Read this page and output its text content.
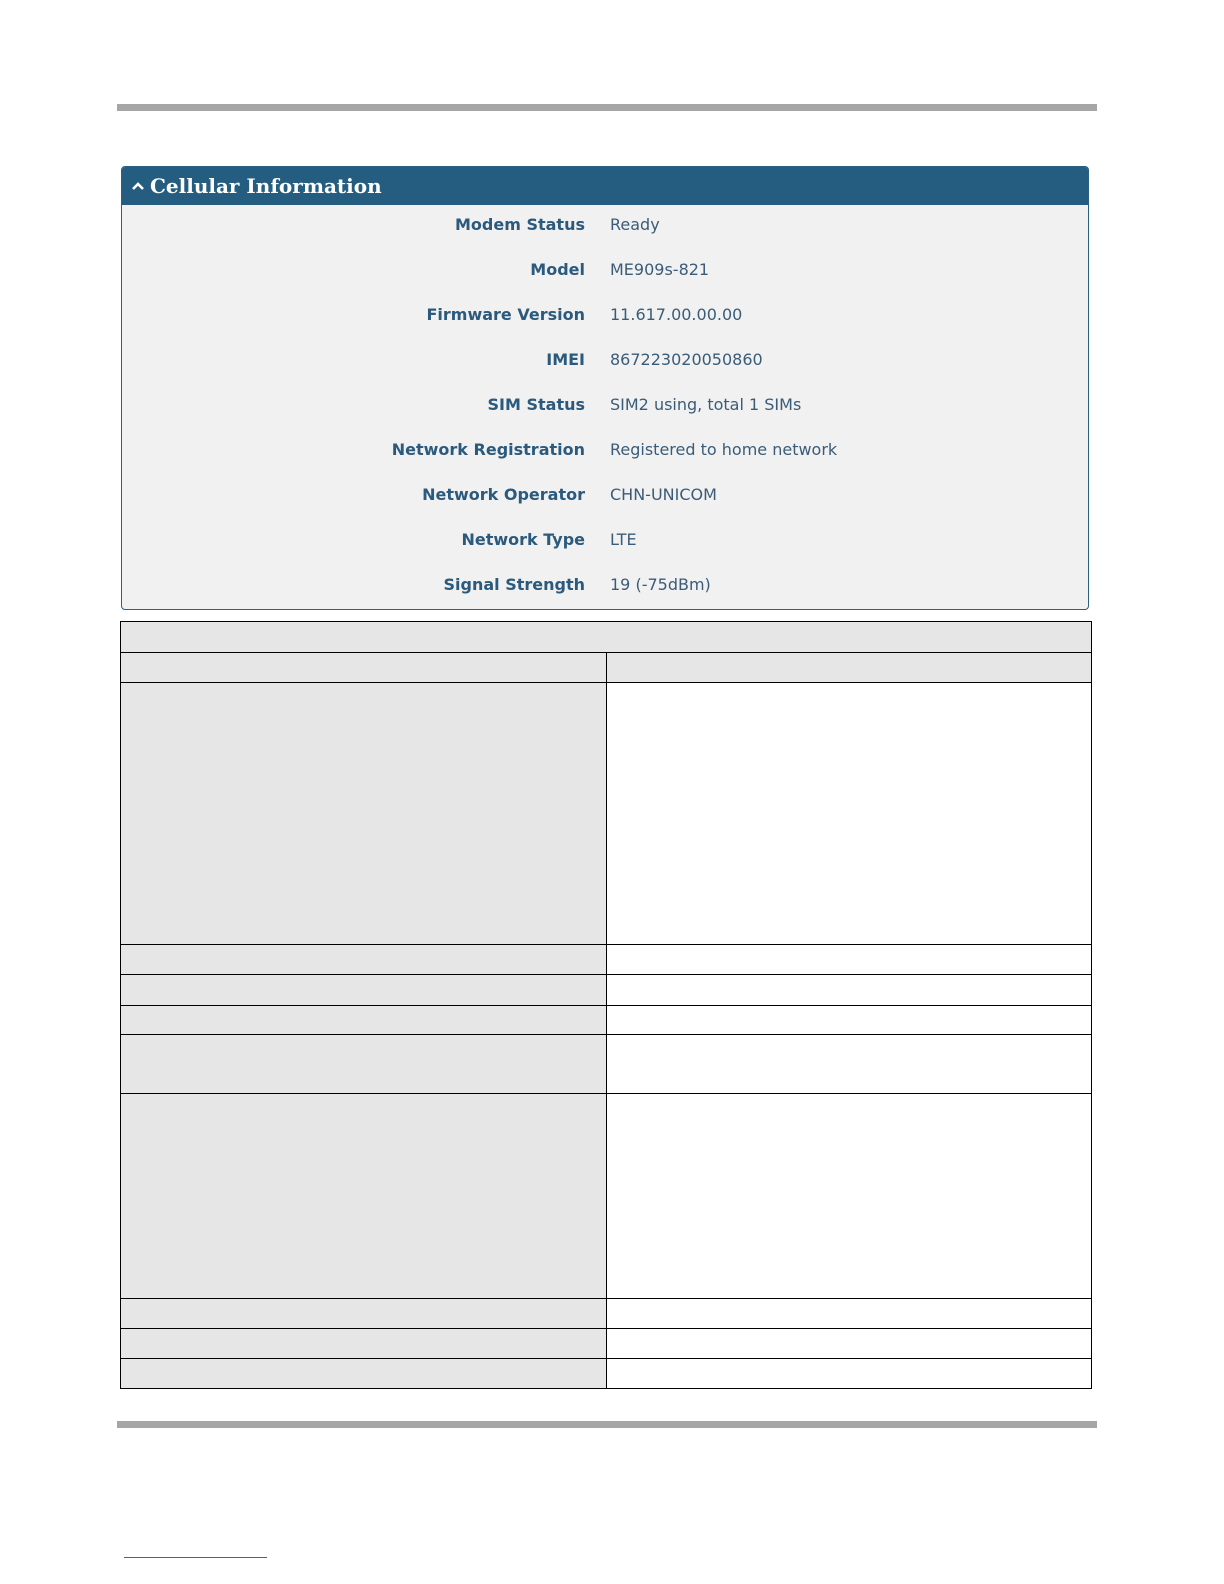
Cellular Information
Modem Status Ready
Model ME909s-821
Firmware Version 11.617.00.00.00
IMEI 867223020050860
SIM Status SIM2 using, total 1 SIMs
Network Registration Registered to home network
Network Operator CHN-UNICOM
Network Type LTE
Signal Strength 19 (-75dBm)
